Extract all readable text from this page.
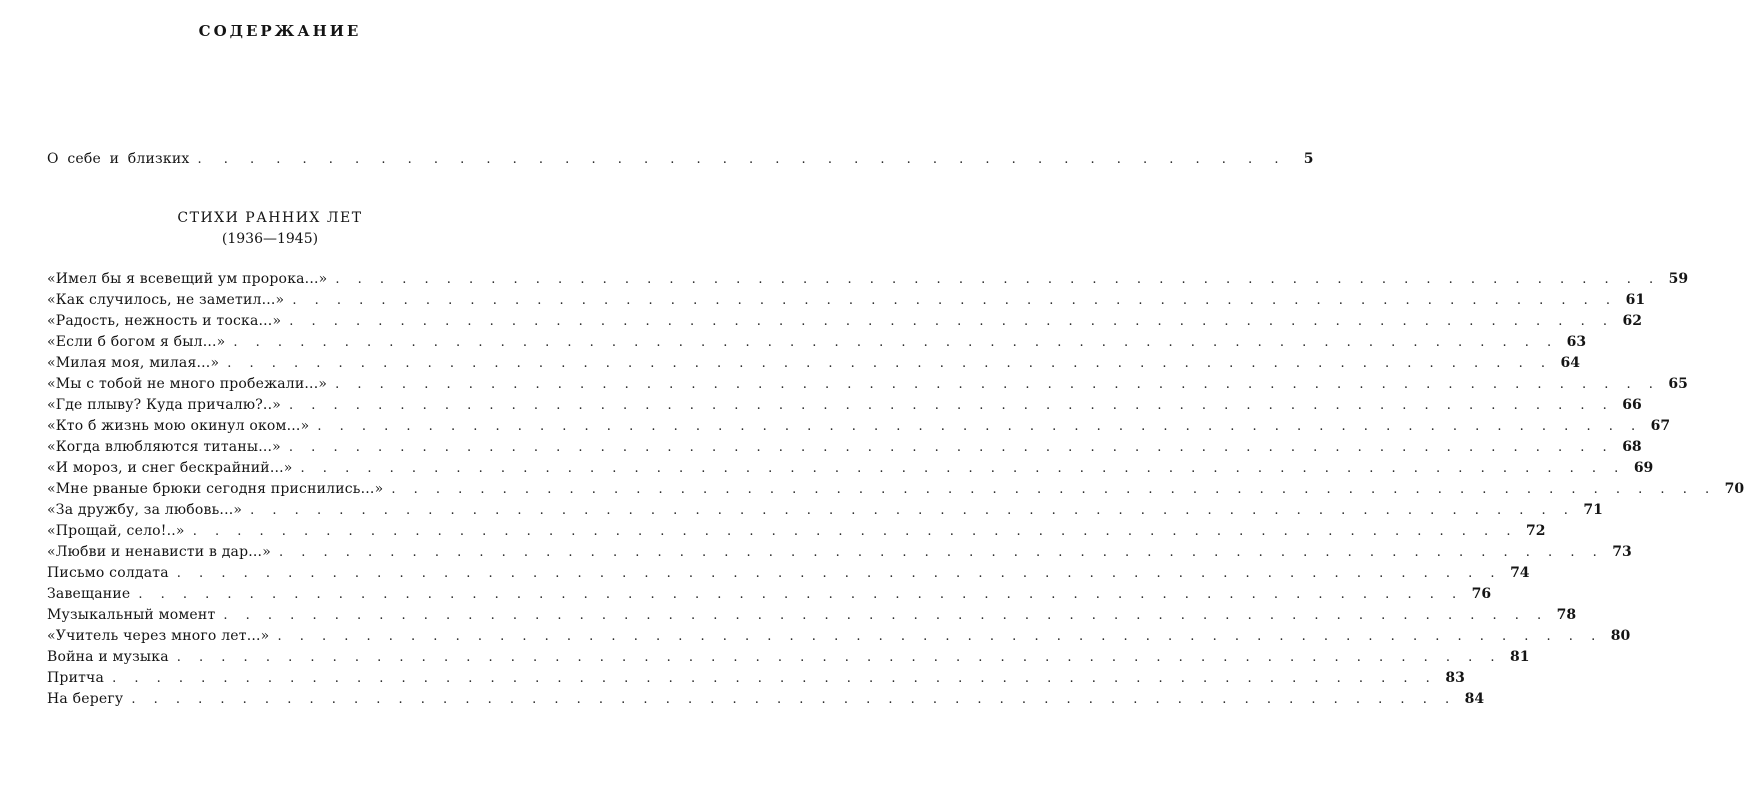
СОДЕРЖАНИЕ
О себе и близких . . . . . . . . . . . . . . . . . . . . . . . . . . . . . . . . . . . . . . . . . .	5
СТИХИ РАННИХ ЛЕТ
(1936—1945)
«Имел бы я всевещий ум пророка...» . . . . . . . . . . . . . . . . . . . . . . . . . . . . . . . . . . . . . . . . . . . . . . . . . . . . . . . . . . . . 59
«Как случилось, не заметил...» . . . . . . . . . . . . . . . . . . . . . . . . . . . . . . . . . . . . . . . . . . . . . . . . . . . . . . . . . . . . 61
«Радость, нежность и тоска...» . . . . . . . . . . . . . . . . . . . . . . . . . . . . . . . . . . . . . . . . . . . . . . . . . . . . . . . . . . . . 62
«Если б богом я был...» . . . . . . . . . . . . . . . . . . . . . . . . . . . . . . . . . . . . . . . . . . . . . . . . . . . . . . . . . . . . 63
«Милая моя, милая...» . . . . . . . . . . . . . . . . . . . . . . . . . . . . . . . . . . . . . . . . . . . . . . . . . . . . . . . . . . . . 64
«Мы с тобой не много пробежали...» . . . . . . . . . . . . . . . . . . . . . . . . . . . . . . . . . . . . . . . . . . . . . . . . . . . . . . . . . . . . 65
«Где плыву? Куда причалю?..» . . . . . . . . . . . . . . . . . . . . . . . . . . . . . . . . . . . . . . . . . . . . . . . . . . . . . . . . . . . . 66
«Кто б жизнь мою окинул оком...» . . . . . . . . . . . . . . . . . . . . . . . . . . . . . . . . . . . . . . . . . . . . . . . . . . . . . . . . . . . . 67
«Когда влюбляются титаны...» . . . . . . . . . . . . . . . . . . . . . . . . . . . . . . . . . . . . . . . . . . . . . . . . . . . . . . . . . . . . 68
«И мороз, и снег бескрайний...» . . . . . . . . . . . . . . . . . . . . . . . . . . . . . . . . . . . . . . . . . . . . . . . . . . . . . . . . . . . . 69
«Мне рваные брюки сегодня приснились...» . . . . . . . . . . . . . . . . . . . . . . . . . . . . . . . . . . . . . . . . . . . . . . . . . . . . . . . . . . . . 70
«За дружбу, за любовь...» . . . . . . . . . . . . . . . . . . . . . . . . . . . . . . . . . . . . . . . . . . . . . . . . . . . . . . . . . . . . 71
«Прощай, село!..» . . . . . . . . . . . . . . . . . . . . . . . . . . . . . . . . . . . . . . . . . . . . . . . . . . . . . . . . . . . . 72
«Любви и ненависти в дар...» . . . . . . . . . . . . . . . . . . . . . . . . . . . . . . . . . . . . . . . . . . . . . . . . . . . . . . . . . . . . 73
Письмо солдата . . . . . . . . . . . . . . . . . . . . . . . . . . . . . . . . . . . . . . . . . . . . . . . . . . . . . . . . . . . . 74
Завещание . . . . . . . . . . . . . . . . . . . . . . . . . . . . . . . . . . . . . . . . . . . . . . . . . . . . . . . . . . . . 76
Музыкальный момент . . . . . . . . . . . . . . . . . . . . . . . . . . . . . . . . . . . . . . . . . . . . . . . . . . . . . . . . . . . . 78
«Учитель через много лет...» . . . . . . . . . . . . . . . . . . . . . . . . . . . . . . . . . . . . . . . . . . . . . . . . . . . . . . . . . . . . 80
Война и музыка . . . . . . . . . . . . . . . . . . . . . . . . . . . . . . . . . . . . . . . . . . . . . . . . . . . . . . . . . . . . 81
Притча . . . . . . . . . . . . . . . . . . . . . . . . . . . . . . . . . . . . . . . . . . . . . . . . . . . . . . . . . . . . 83
На берегу . . . . . . . . . . . . . . . . . . . . . . . . . . . . . . . . . . . . . . . . . . . . . . . . . . . . . . . . . . . . 84
